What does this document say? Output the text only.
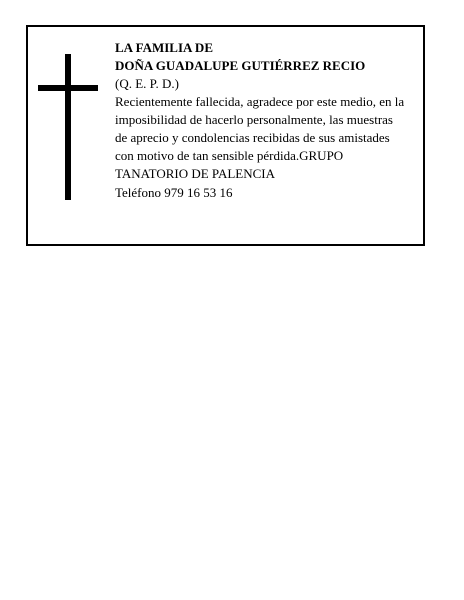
LA FAMILIA DE
DOÑA GUADALUPE GUTIÉRREZ RECIO
(Q. E. P. D.)
Recientemente fallecida, agradece por este medio, en la
imposibilidad de hacerlo personalmente, las muestras
de aprecio y condolencias recibidas de sus amistades
con motivo de tan sensible pérdida.GRUPO
TANATORIO DE PALENCIA
Teléfono 979 16 53 16
